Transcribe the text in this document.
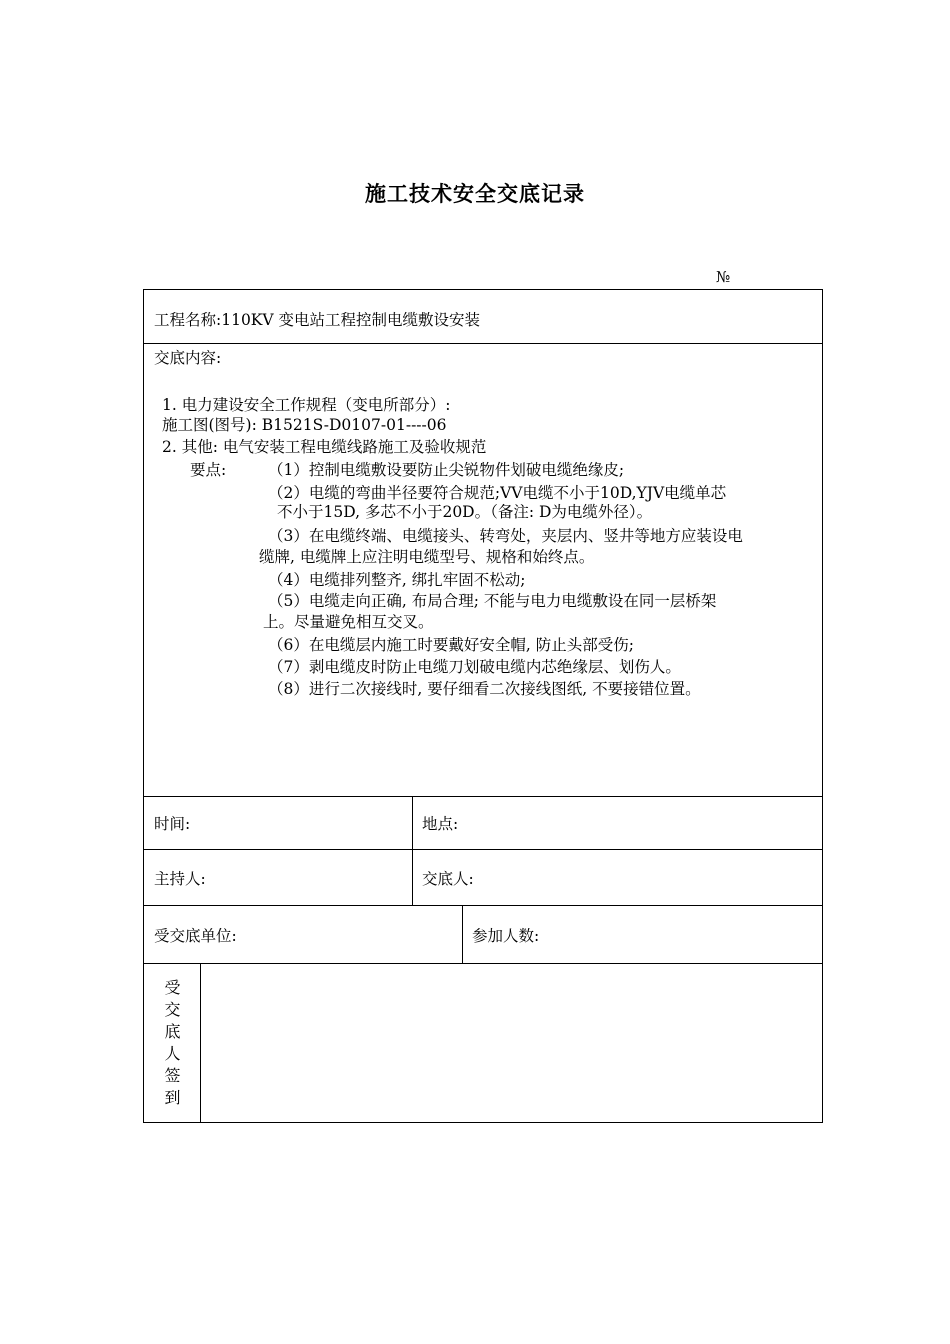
施工技术安全交底记录
№
工程名称:110KV 变电站工程控制电缆敷设安装
交底内容:
1. 电力建设安全工作规程（变电所部分）:
施工图(图号): B1521S-D0107-01----06
2. 其他: 电气安装工程电缆线路施工及验收规范
要点:	（1）控制电缆敷设要防止尖锐物件划破电缆绝缘皮;
（2）电缆的弯曲半径要符合规范;VV电缆不小于10D,YJV电缆单芯
不小于15D, 多芯不小于20D。（备注: D为电缆外径）。
（3）在电缆终端、电缆接头、转弯处，夹层内、竖井等地方应装设电
缆牌, 电缆牌上应注明电缆型号、规格和始终点。
（4）电缆排列整齐, 绑扎牢固不松动;
（5）电缆走向正确, 布局合理; 不能与电力电缆敷设在同一层桥架
上。尽量避免相互交叉。
（6）在电缆层内施工时要戴好安全帽, 防止头部受伤;
（7）剥电缆皮时防止电缆刀划破电缆内芯绝缘层、划伤人。
（8）进行二次接线时, 要仔细看二次接线图纸, 不要接错位置。
时间:	地点:
主持人:	交底人:
受交底单位:	参加人数:
受
交
底
人
签
到
